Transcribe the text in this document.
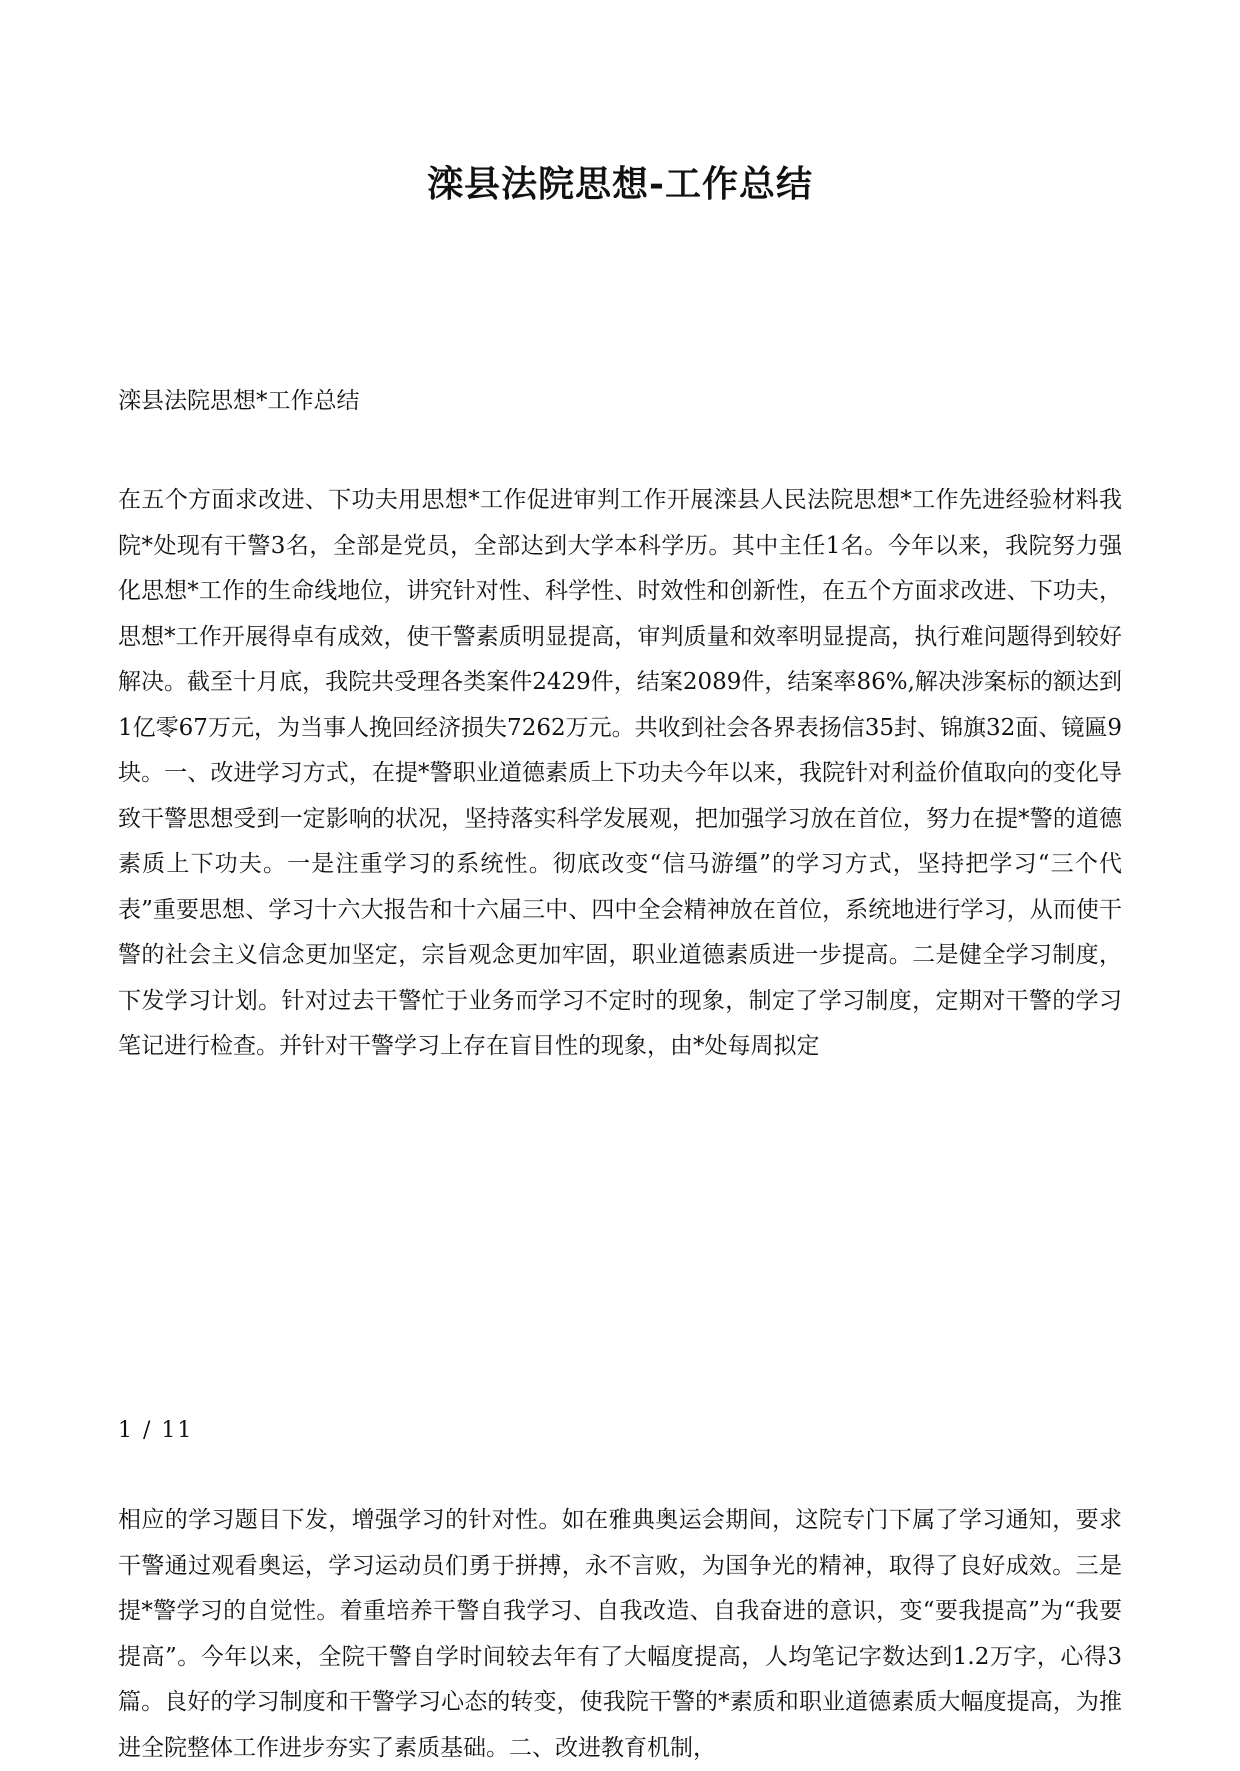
滦县法院思想-工作总结
滦县法院思想*工作总结
在五个方面求改进、下功夫用思想*工作促进审判工作开展滦县人民法院思想*工作先进经验材料我院*处现有干警3名，全部是党员，全部达到大学本科学历。其中主任1名。今年以来，我院努力强化思想*工作的生命线地位，讲究针对性、科学性、时效性和创新性，在五个方面求改进、下功夫，思想*工作开展得卓有成效，使干警素质明显提高，审判质量和效率明显提高，执行难问题得到较好解决。截至十月底，我院共受理各类案件2429件，结案2089件，结案率86%,解决涉案标的额达到1亿零67万元，为当事人挽回经济损失7262万元。共收到社会各界表扬信35封、锦旗32面、镜匾9块。一、改进学习方式，在提*警职业道德素质上下功夫今年以来，我院针对利益价值取向的变化导致干警思想受到一定影响的状况，坚持落实科学发展观，把加强学习放在首位，努力在提*警的道德素质上下功夫。一是注重学习的系统性。彻底改变“信马游缰”的学习方式，坚持把学习“三个代表”重要思想、学习十六大报告和十六届三中、四中全会精神放在首位，系统地进行学习，从而使干警的社会主义信念更加坚定，宗旨观念更加牢固，职业道德素质进一步提高。二是健全学习制度，下发学习计划。针对过去干警忙于业务而学习不定时的现象，制定了学习制度，定期对干警的学习笔记进行检查。并针对干警学习上存在盲目性的现象，由*处每周拟定
1 / 11
相应的学习题目下发，增强学习的针对性。如在雅典奥运会期间，这院专门下属了学习通知，要求干警通过观看奥运，学习运动员们勇于拼搏，永不言败，为国争光的精神，取得了良好成效。三是提*警学习的自觉性。着重培养干警自我学习、自我改造、自我奋进的意识，变“要我提高”为“我要提高”。今年以来，全院干警自学时间较去年有了大幅度提高，人均笔记字数达到1.2万字，心得3篇。良好的学习制度和干警学习心态的转变，使我院干警的*素质和职业道德素质大幅度提高，为推进全院整体工作进步夯实了素质基础。二、改进教育机制，
